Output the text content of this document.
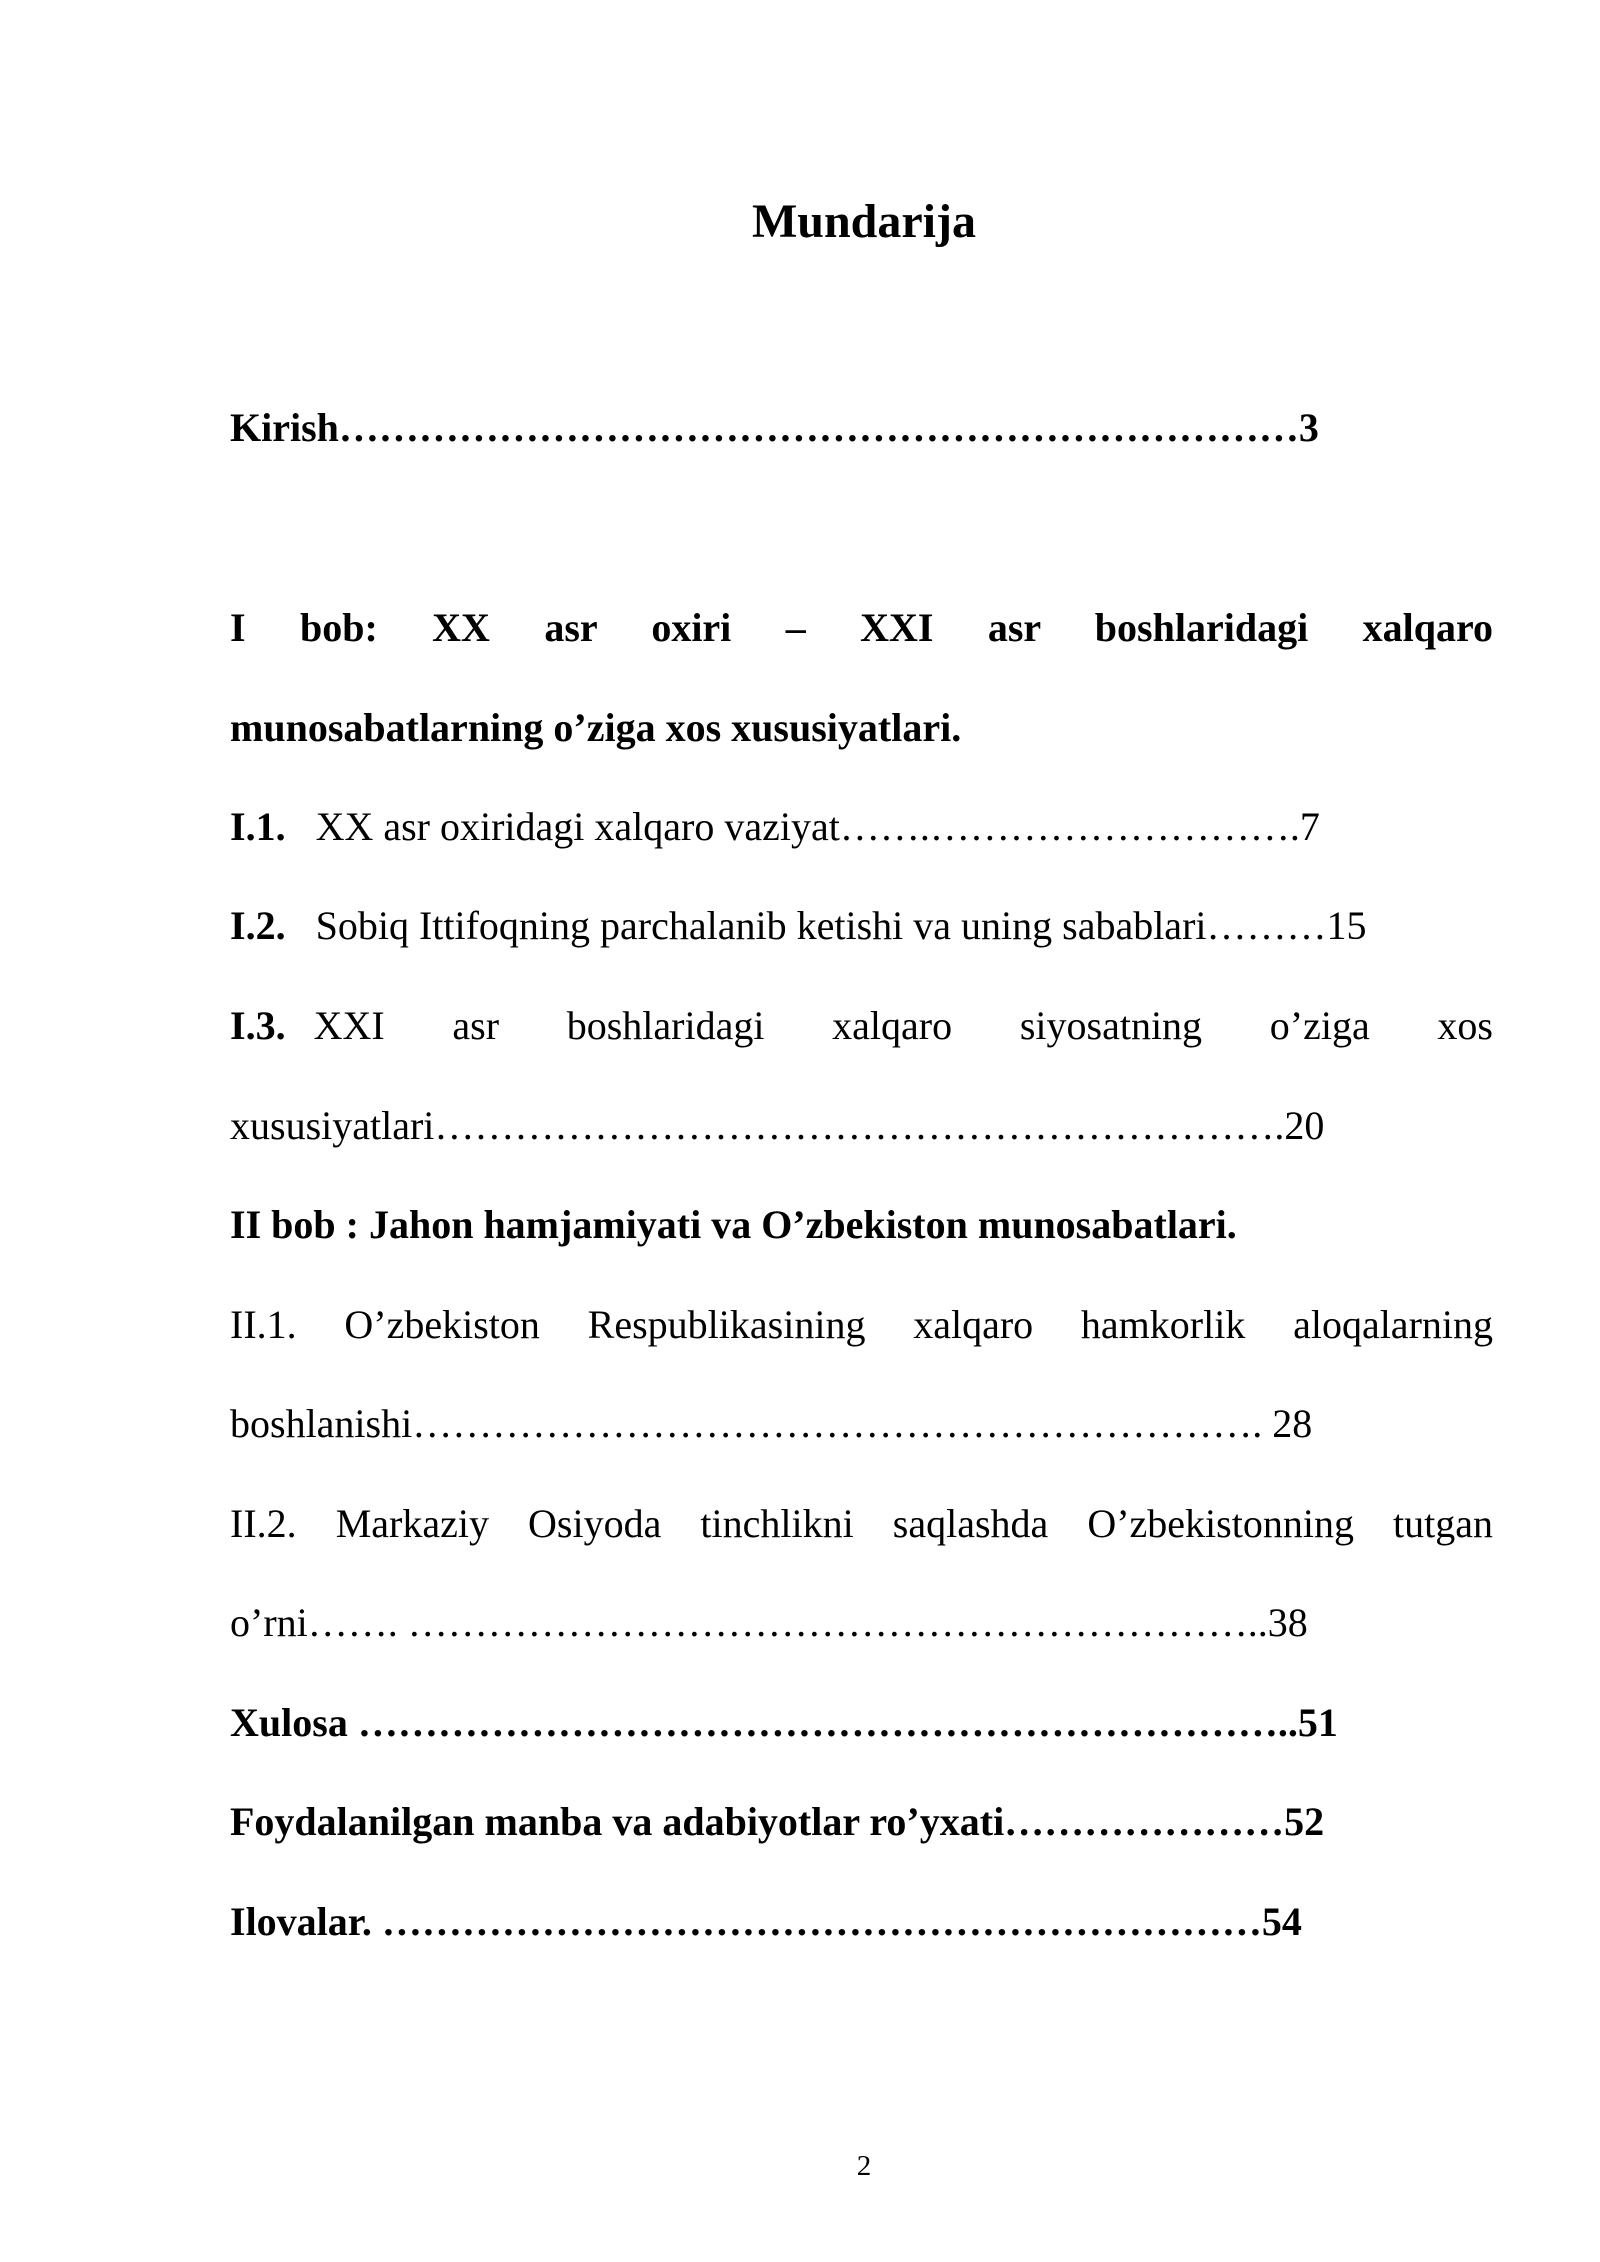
Mundarija
Kirish………………………………………………………………3
I bob: XX asr oxiri – XXI asr boshlaridagi xalqaro
munosabatlarning o’ziga xos xususiyatlari.
I.1. XX asr oxiridagi xalqaro vaziyat…….……………………….7
I.2. Sobiq Ittifoqning parchalanib ketishi va uning sabablari………15
I.3. XXI asr boshlaridagi xalqaro siyosatning o’ziga xos
xususiyatlari……………………………………………………….20
II bob : Jahon hamjamiyati va O’zbekiston munosabatlari.
II.1. O’zbekiston Respublikasining xalqaro hamkorlik aloqalarning
boshlanishi………………………………………………………. 28
II.2. Markaziy Osiyoda tinchlikni saqlashda O’zbekistonning tutgan
o’rni……. ………………………………………………………..38
Xulosa ……………………………………………………………..51
Foydalanilgan manba va adabiyotlar ro’yxati…………………52
Ilovalar. …………………………………………………………54
2
